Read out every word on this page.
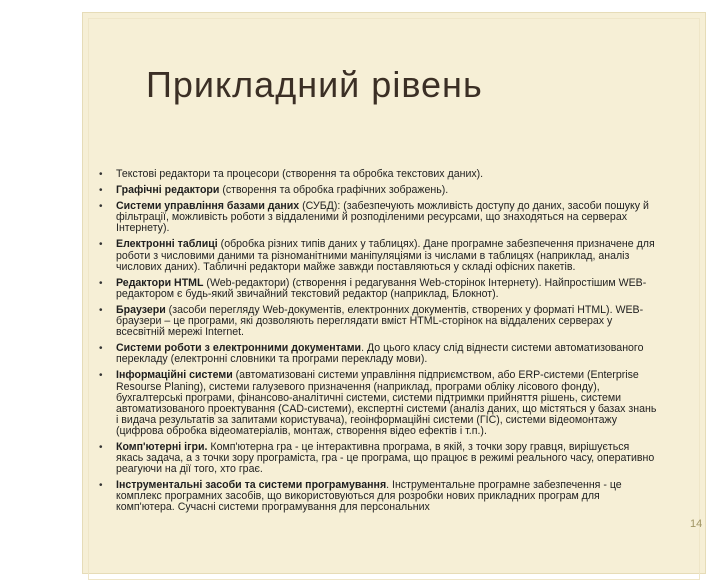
Прикладний рівень
• Текстові редактори та процесори (створення та обробка текстових даних).
• Графічні редактори (створення та обробка графічних зображень).
• Системи управління базами даних (СУБД): (забезпечують можливість доступу до даних, засоби пошуку й фільтрації, можливість роботи з віддаленими й розподіленими ресурсами, що знаходяться на серверах Інтернету).
• Електронні таблиці (обробка різних типів даних у таблицях). Дане програмне забезпечення призначене для роботи з числовими даними та різноманітними маніпуляціями із числами в таблицях (наприклад, аналіз числових даних). Табличні редактори майже завжди поставляються у складі офісних пакетів.
• Редактори HTML (Web-редактори) (створення і редагування Web-сторінок Інтернету). Найпростішим WEB-редактором є будь-який звичайний текстовий редактор (наприклад, Блокнот).
• Браузери (засоби перегляду Web-документів, електронних документів, створених у форматі HTML). WEB-браузери – це програми, які дозволяють переглядати вміст HTML-сторінок на віддалених серверах у всесвітній мережі Internet.
• Системи роботи з електронними документами. До цього класу слід віднести системи автоматизованого перекладу (електронні словники та програми перекладу мови).
• Інформаційні системи (автоматизовані системи управління підприємством, або ERP-системи (Enterprise Resourse Planing), системи галузевого призначення (наприклад, програми обліку лісового фонду), бухгалтерські програми, фінансово-аналітичні системи, системи підтримки прийняття рішень, системи автоматизованого проектування (CAD-системи), експертні системи (аналіз даних, що містяться у базах знань і видача результатів за запитами користувача), геоінформаційні системи (ГІС), системи відеомонтажу (цифрова обробка відеоматеріалів, монтаж, створення відео ефектів і т.п.).
• Комп'ютерні ігри. Комп'ютерна гра - це інтерактивна програма, в якій, з точки зору гравця, вирішується якась задача, а з точки зору програміста, гра - це програма, що працює в режимі реального часу, оперативно реагуючи на дії того, хто грає.
• Інструментальні засоби та системи програмування. Інструментальне програмне забезпечення - це комплекс програмних засобів, що використовуються для розробки нових прикладних програм для комп'ютера. Сучасні системи програмування для персональних
14
